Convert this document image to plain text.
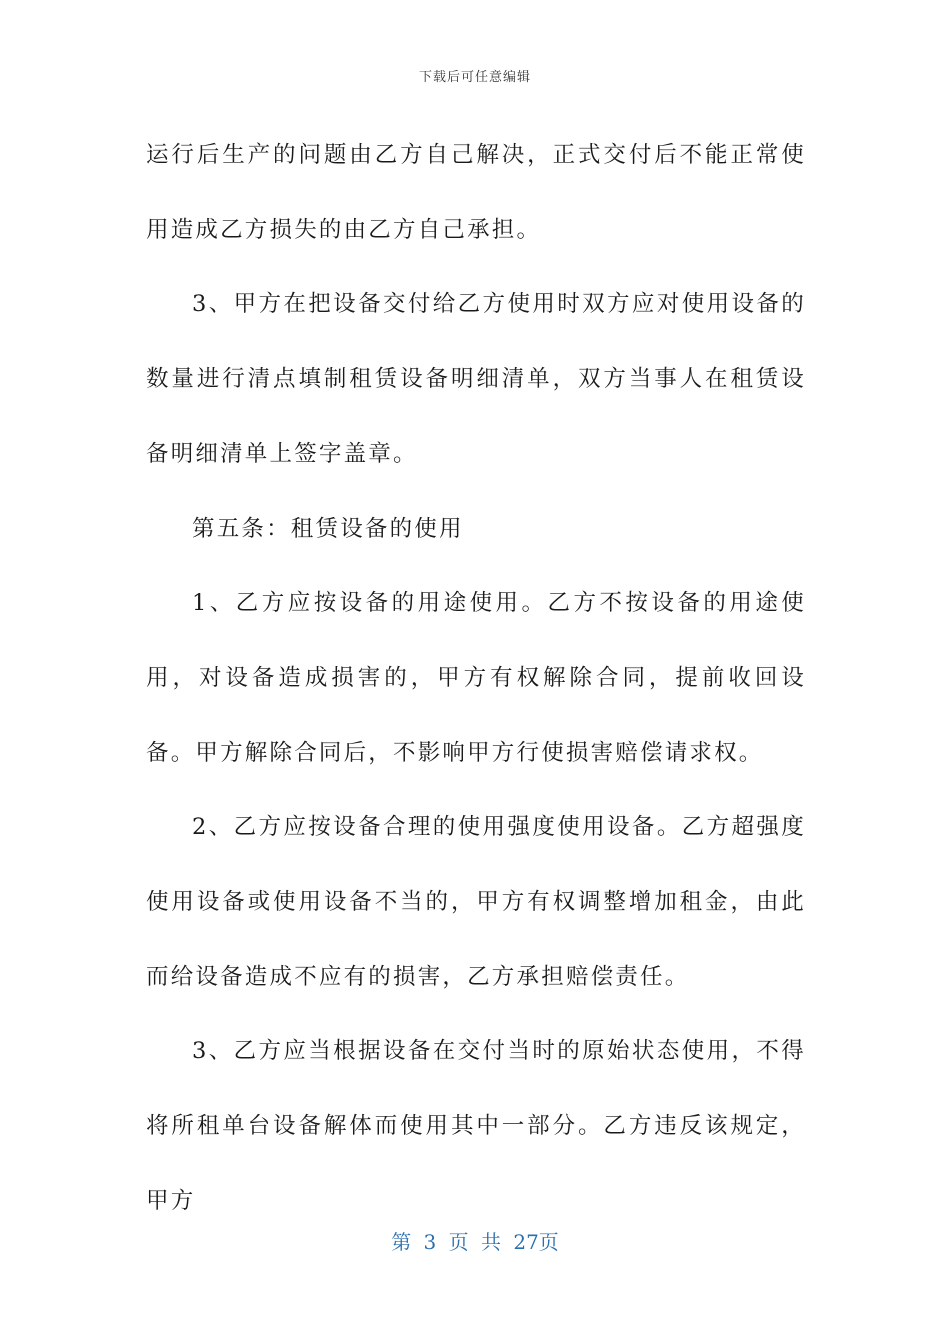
下载后可任意编辑

运行后生产的问题由乙方自己解决，正式交付后不能正常使用造成乙方损失的由乙方自己承担。

3、甲方在把设备交付给乙方使用时双方应对使用设备的数量进行清点填制租赁设备明细清单，双方当事人在租赁设备明细清单上签字盖章。

第五条：租赁设备的使用

1、乙方应按设备的用途使用。乙方不按设备的用途使用，对设备造成损害的，甲方有权解除合同，提前收回设备。甲方解除合同后，不影响甲方行使损害赔偿请求权。

2、乙方应按设备合理的使用强度使用设备。乙方超强度使用设备或使用设备不当的，甲方有权调整增加租金，由此而给设备造成不应有的损害，乙方承担赔偿责任。

3、乙方应当根据设备在交付当时的原始状态使用，不得将所租单台设备解体而使用其中一部分。乙方违反该规定，甲方

第 3 页 共 27页
